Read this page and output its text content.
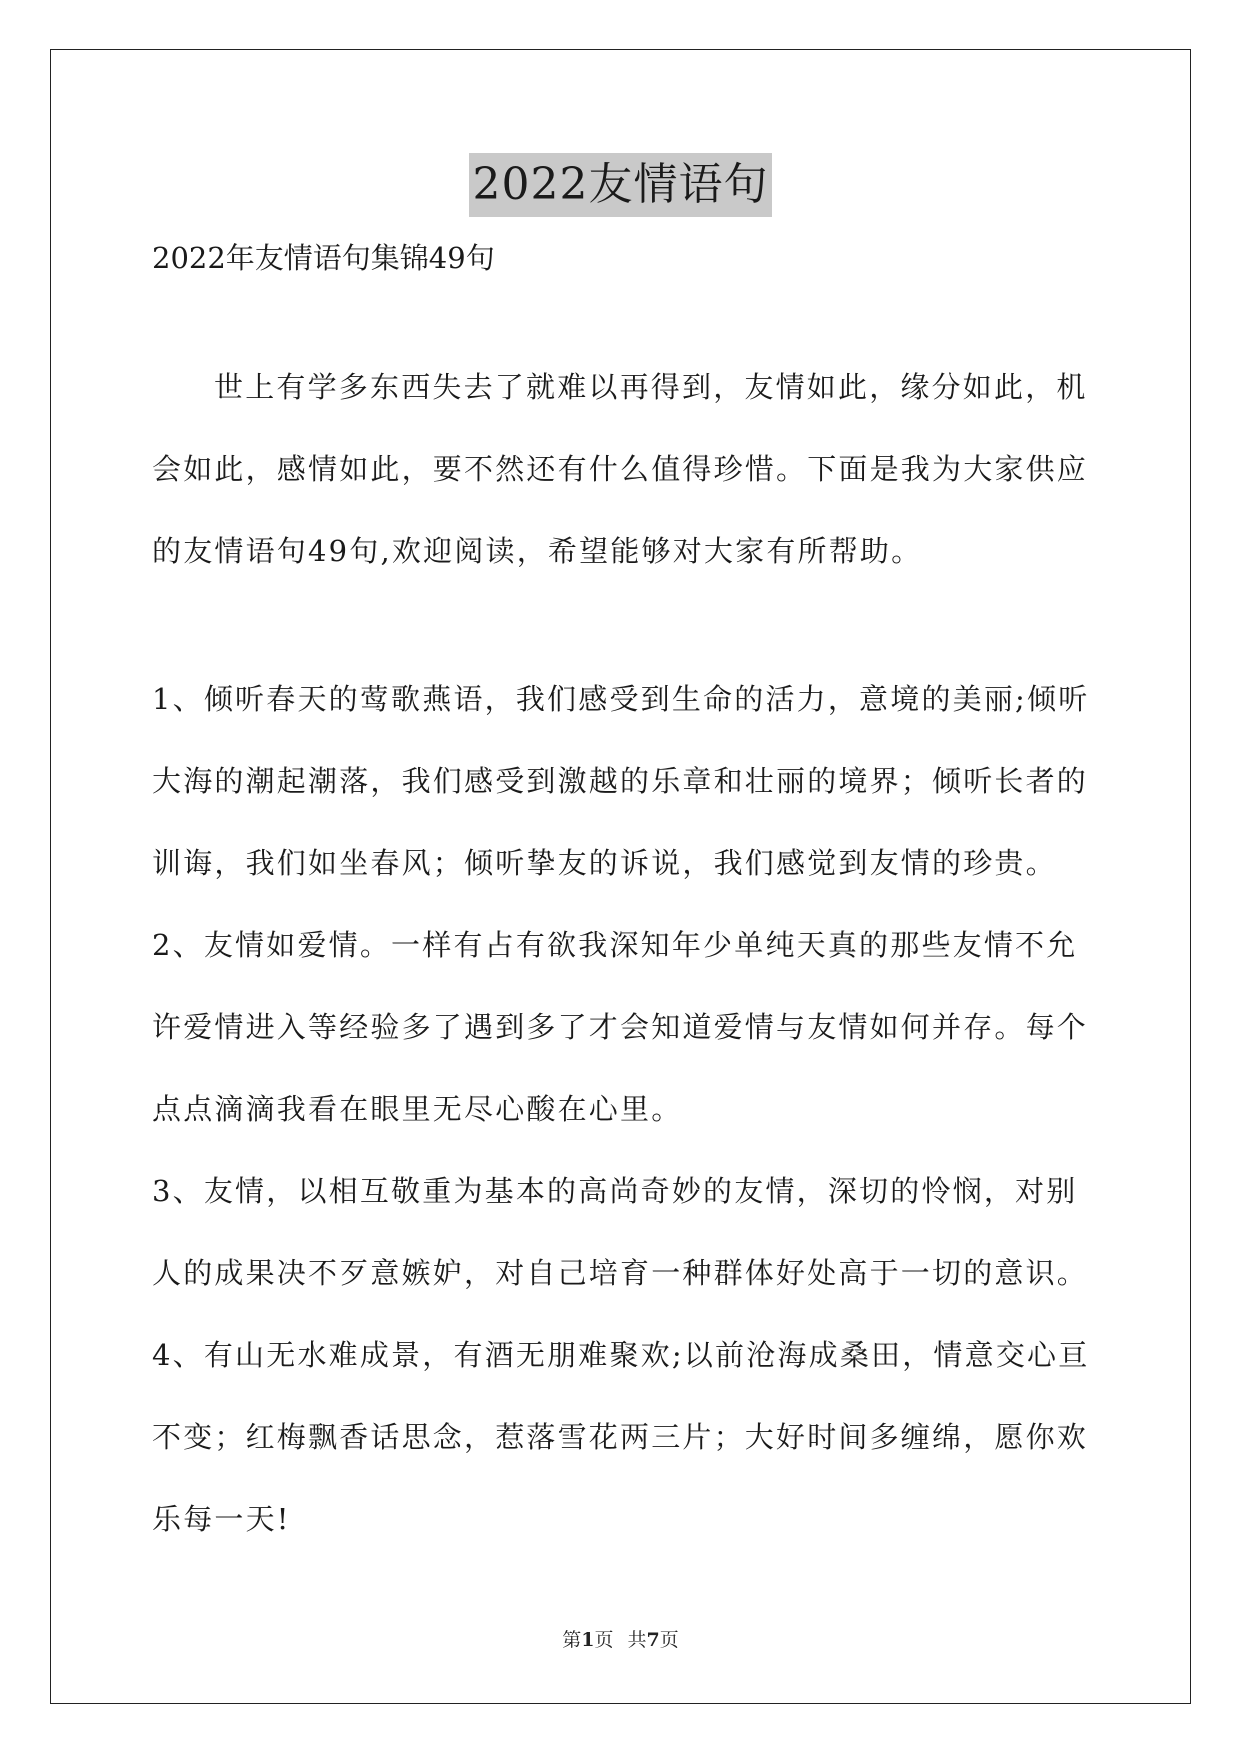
2022友情语句

2022年友情语句集锦49句

世上有学多东西失去了就难以再得到，友情如此，缘分如此，机会如此，感情如此，要不然还有什么值得珍惜。下面是我为大家供应的友情语句49句,欢迎阅读，希望能够对大家有所帮助。

1、倾听春天的莺歌燕语，我们感受到生命的活力，意境的美丽;倾听大海的潮起潮落，我们感受到激越的乐章和壮丽的境界；倾听长者的训诲，我们如坐春风；倾听挚友的诉说，我们感觉到友情的珍贵。

2、友情如爱情。一样有占有欲我深知年少单纯天真的那些友情不允许爱情进入等经验多了遇到多了才会知道爱情与友情如何并存。每个点点滴滴我看在眼里无尽心酸在心里。

3、友情，以相互敬重为基本的高尚奇妙的友情，深切的怜悯，对别人的成果决不歹意嫉妒，对自己培育一种群体好处高于一切的意识。

4、有山无水难成景，有酒无朋难聚欢;以前沧海成桑田，情意交心亘不变；红梅飘香话思念，惹落雪花两三片；大好时间多缠绵，愿你欢乐每一天!

第1页 共7页
